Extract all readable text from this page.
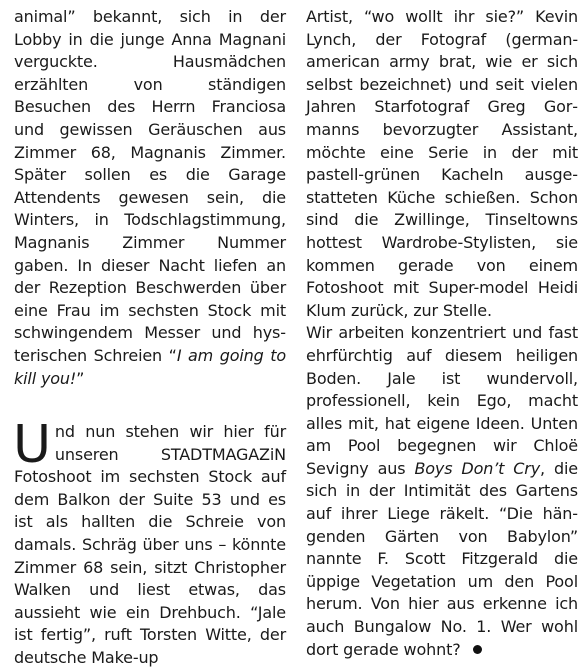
animal” bekannt, sich in der Lobby in die junge Anna Magnani verguckte. Hausmädchen erzählten von ständigen Besuchen des Herrn Franciosa und gewissen Geräuschen aus Zimmer 68, Magnanis Zimmer. Später sollen es die Garage Attendents gewesen sein, die Winters, in Todschlagstimmung, Magnanis Zimmer Nummer gaben. In dieser Nacht liefen an der Rezeption Beschwerden über eine Frau im sechsten Stock mit schwingendem Messer und hysterischen Schreien “I am going to kill you!”

Und nun stehen wir hier für unseren STADTMAGAZiN Fotoshoot im sechsten Stock auf dem Balkon der Suite 53 und es ist als hallten die Schreie von damals. Schräg über uns – könnte Zimmer 68 sein, sitzt Christopher Walken und liest etwas, das aussieht wie ein Drehbuch. “Jale ist fertig”, ruft Torsten Witte, der deutsche Make-up

Artist, “wo wollt ihr sie?” Kevin Lynch, der Fotograf (german-american army brat, wie er sich selbst bezeichnet) und seit vielen Jahren Starfotograf Greg Gormanns bevorzugter Assistant, möchte eine Serie in der mit pastell-grünen Kacheln ausgestatteten Küche schießen. Schon sind die Zwillinge, Tinseltowns hottest Wardrobe-Stylisten, sie kommen gerade von einem Fotoshoot mit Super-model Heidi Klum zurück, zur Stelle.

Wir arbeiten konzentriert und fast ehrfürchtig auf diesem heiligen Boden. Jale ist wundervoll, professionell, kein Ego, macht alles mit, hat eigene Ideen. Unten am Pool begegnen wir Chloë Sevigny aus Boys Don’t Cry, die sich in der Intimität des Gartens auf ihrer Liege räkelt. “Die hängenden Gärten von Babylon” nannte F. Scott Fitzgerald die üppige Vegetation um den Pool herum. Von hier aus erkenne ich auch Bungalow No. 1. Wer wohl dort gerade wohnt?
